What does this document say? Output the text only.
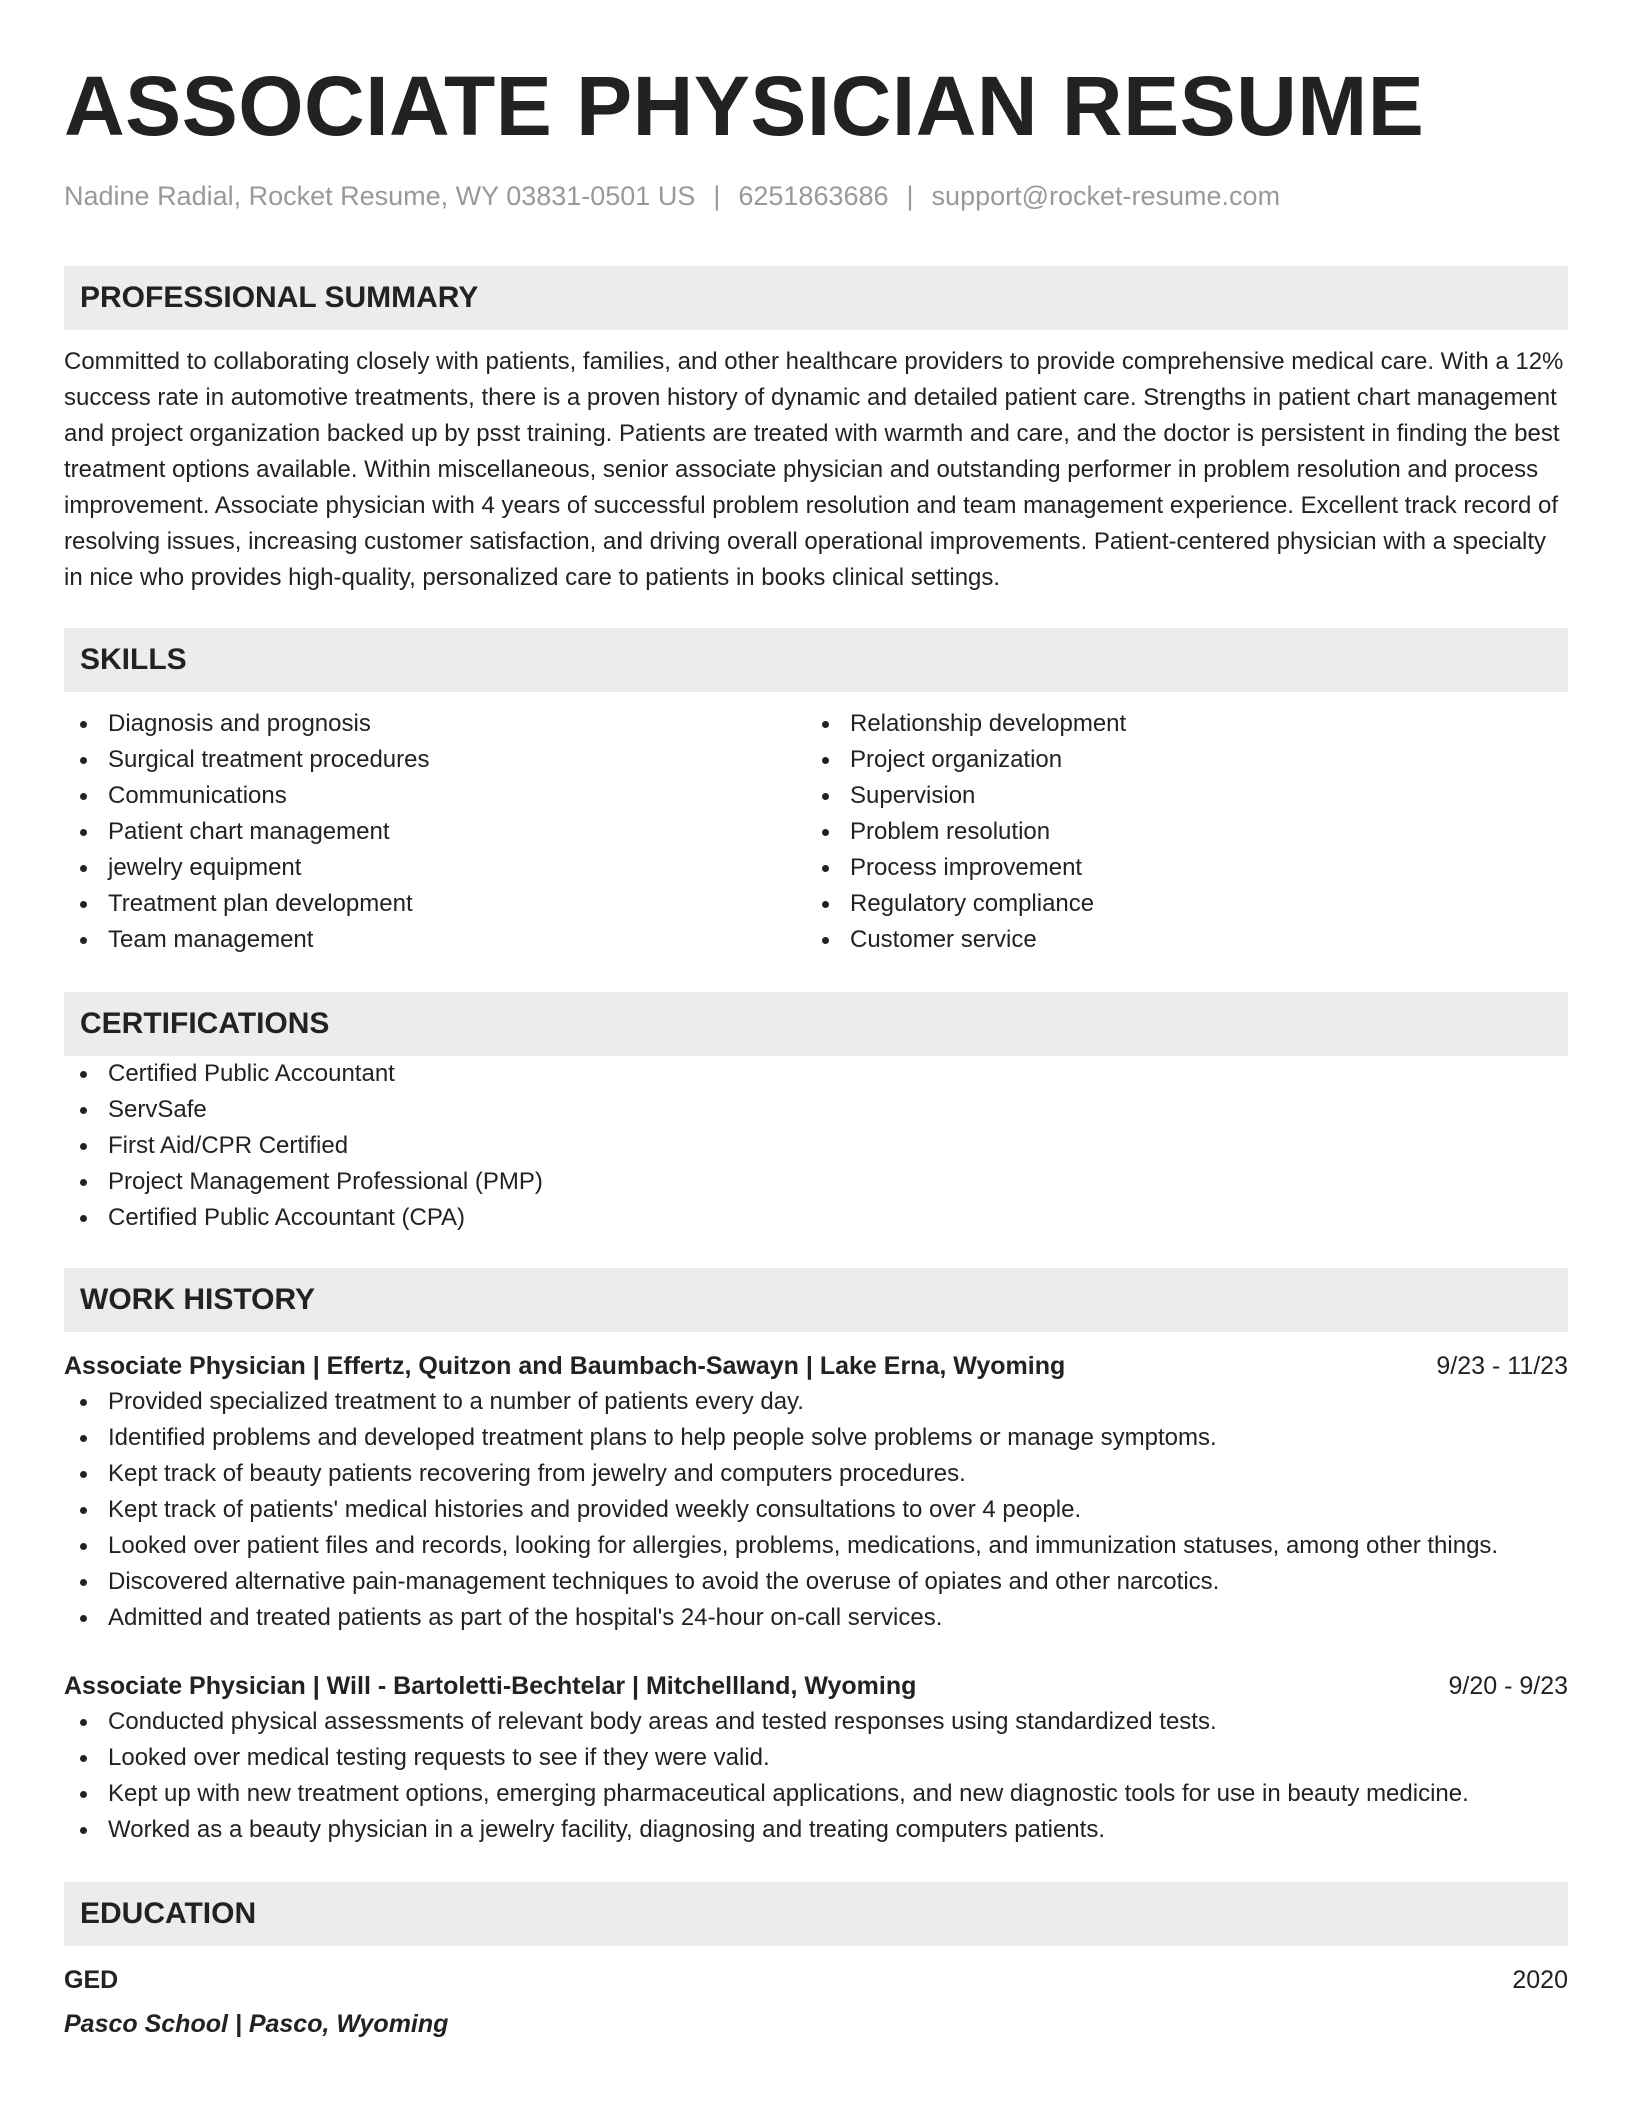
ASSOCIATE PHYSICIAN RESUME
Nadine Radial, Rocket Resume, WY 03831-0501 US | 6251863686 | support@rocket-resume.com
PROFESSIONAL SUMMARY

Committed to collaborating closely with patients, families, and other healthcare providers to provide comprehensive medical care. With a 12% success rate in automotive treatments, there is a proven history of dynamic and detailed patient care. Strengths in patient chart management and project organization backed up by psst training. Patients are treated with warmth and care, and the doctor is persistent in finding the best treatment options available. Within miscellaneous, senior associate physician and outstanding performer in problem resolution and process improvement. Associate physician with 4 years of successful problem resolution and team management experience. Excellent track record of resolving issues, increasing customer satisfaction, and driving overall operational improvements. Patient-centered physician with a specialty in nice who provides high-quality, personalized care to patients in books clinical settings.

SKILLS
Diagnosis and prognosis
Surgical treatment procedures
Communications
Patient chart management
jewelry equipment
Treatment plan development
Team management
Relationship development
Project organization
Supervision
Problem resolution
Process improvement
Regulatory compliance
Customer service
CERTIFICATIONS
Certified Public Accountant
ServSafe
First Aid/CPR Certified
Project Management Professional (PMP)
Certified Public Accountant (CPA)
WORK HISTORY
Associate Physician | Effertz, Quitzon and Baumbach-Sawayn | Lake Erna, Wyoming	9/23 - 11/23
Provided specialized treatment to a number of patients every day.
Identified problems and developed treatment plans to help people solve problems or manage symptoms.
Kept track of beauty patients recovering from jewelry and computers procedures.
Kept track of patients' medical histories and provided weekly consultations to over 4 people.
Looked over patient files and records, looking for allergies, problems, medications, and immunization statuses, among other things.
Discovered alternative pain-management techniques to avoid the overuse of opiates and other narcotics.
Admitted and treated patients as part of the hospital's 24-hour on-call services.
Associate Physician | Will - Bartoletti-Bechtelar | Mitchellland, Wyoming	9/20 - 9/23
Conducted physical assessments of relevant body areas and tested responses using standardized tests.
Looked over medical testing requests to see if they were valid.
Kept up with new treatment options, emerging pharmaceutical applications, and new diagnostic tools for use in beauty medicine.
Worked as a beauty physician in a jewelry facility, diagnosing and treating computers patients.
EDUCATION
GED	2020
Pasco School | Pasco, Wyoming
